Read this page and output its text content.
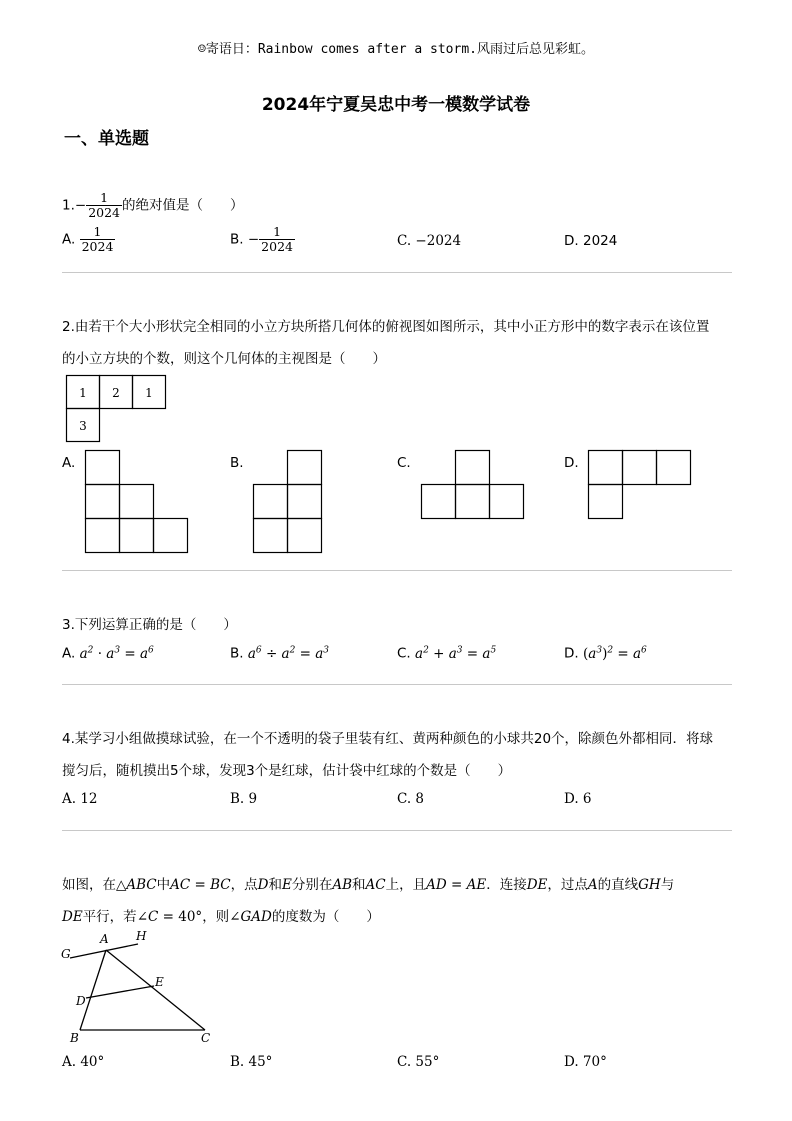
☺寄语日：Rainbow comes after a storm.风雨过后总见彩虹。
2024年宁夏吴忠中考一模数学试卷
一、单选题
$1.- \frac{1}{2024}$ 的绝对值是（　　）
A. $\frac{1}{2024}$	B. − $\frac{1}{2024}$	C. −2024	D. 2024
2.由若干个大小形状完全相同的小立方块所搭几何体的俯视图如图所示，其中小正方形中的数字表示在该位置
的小立方块的个数，则这个几何体的主视图是（　　）
1 2 1
3
A.	B.	C.	D.
3.下列运算正确的是（　　）
A. $a^2 \cdot a^3 = a^6$	B. $a^6 \div a^2 = a^3$	C. $a^2 + a^3 = a^5$	D. $(a^3)^2 = a^6$
4.某学习小组做摸球试验，在一个不透明的袋子里装有红、黄两种颜色的小球共20个，除颜色外都相同．将球
搅匀后，随机摸出5个球，发现3个是红球，估计袋中红球的个数是（　　）
A. 12	B. 9	C. 8	D. 6
如图，在△ABC中AC = BC，点D和E分别在AB和AC上，且AD = AE．连接DE，过点A的直线GH与
DE平行，若∠C = 40°，则∠GAD的度数为（　　）
G
A H
E
D
B	C
A. 40°	B. 45°	C. 55°	D. 70°
